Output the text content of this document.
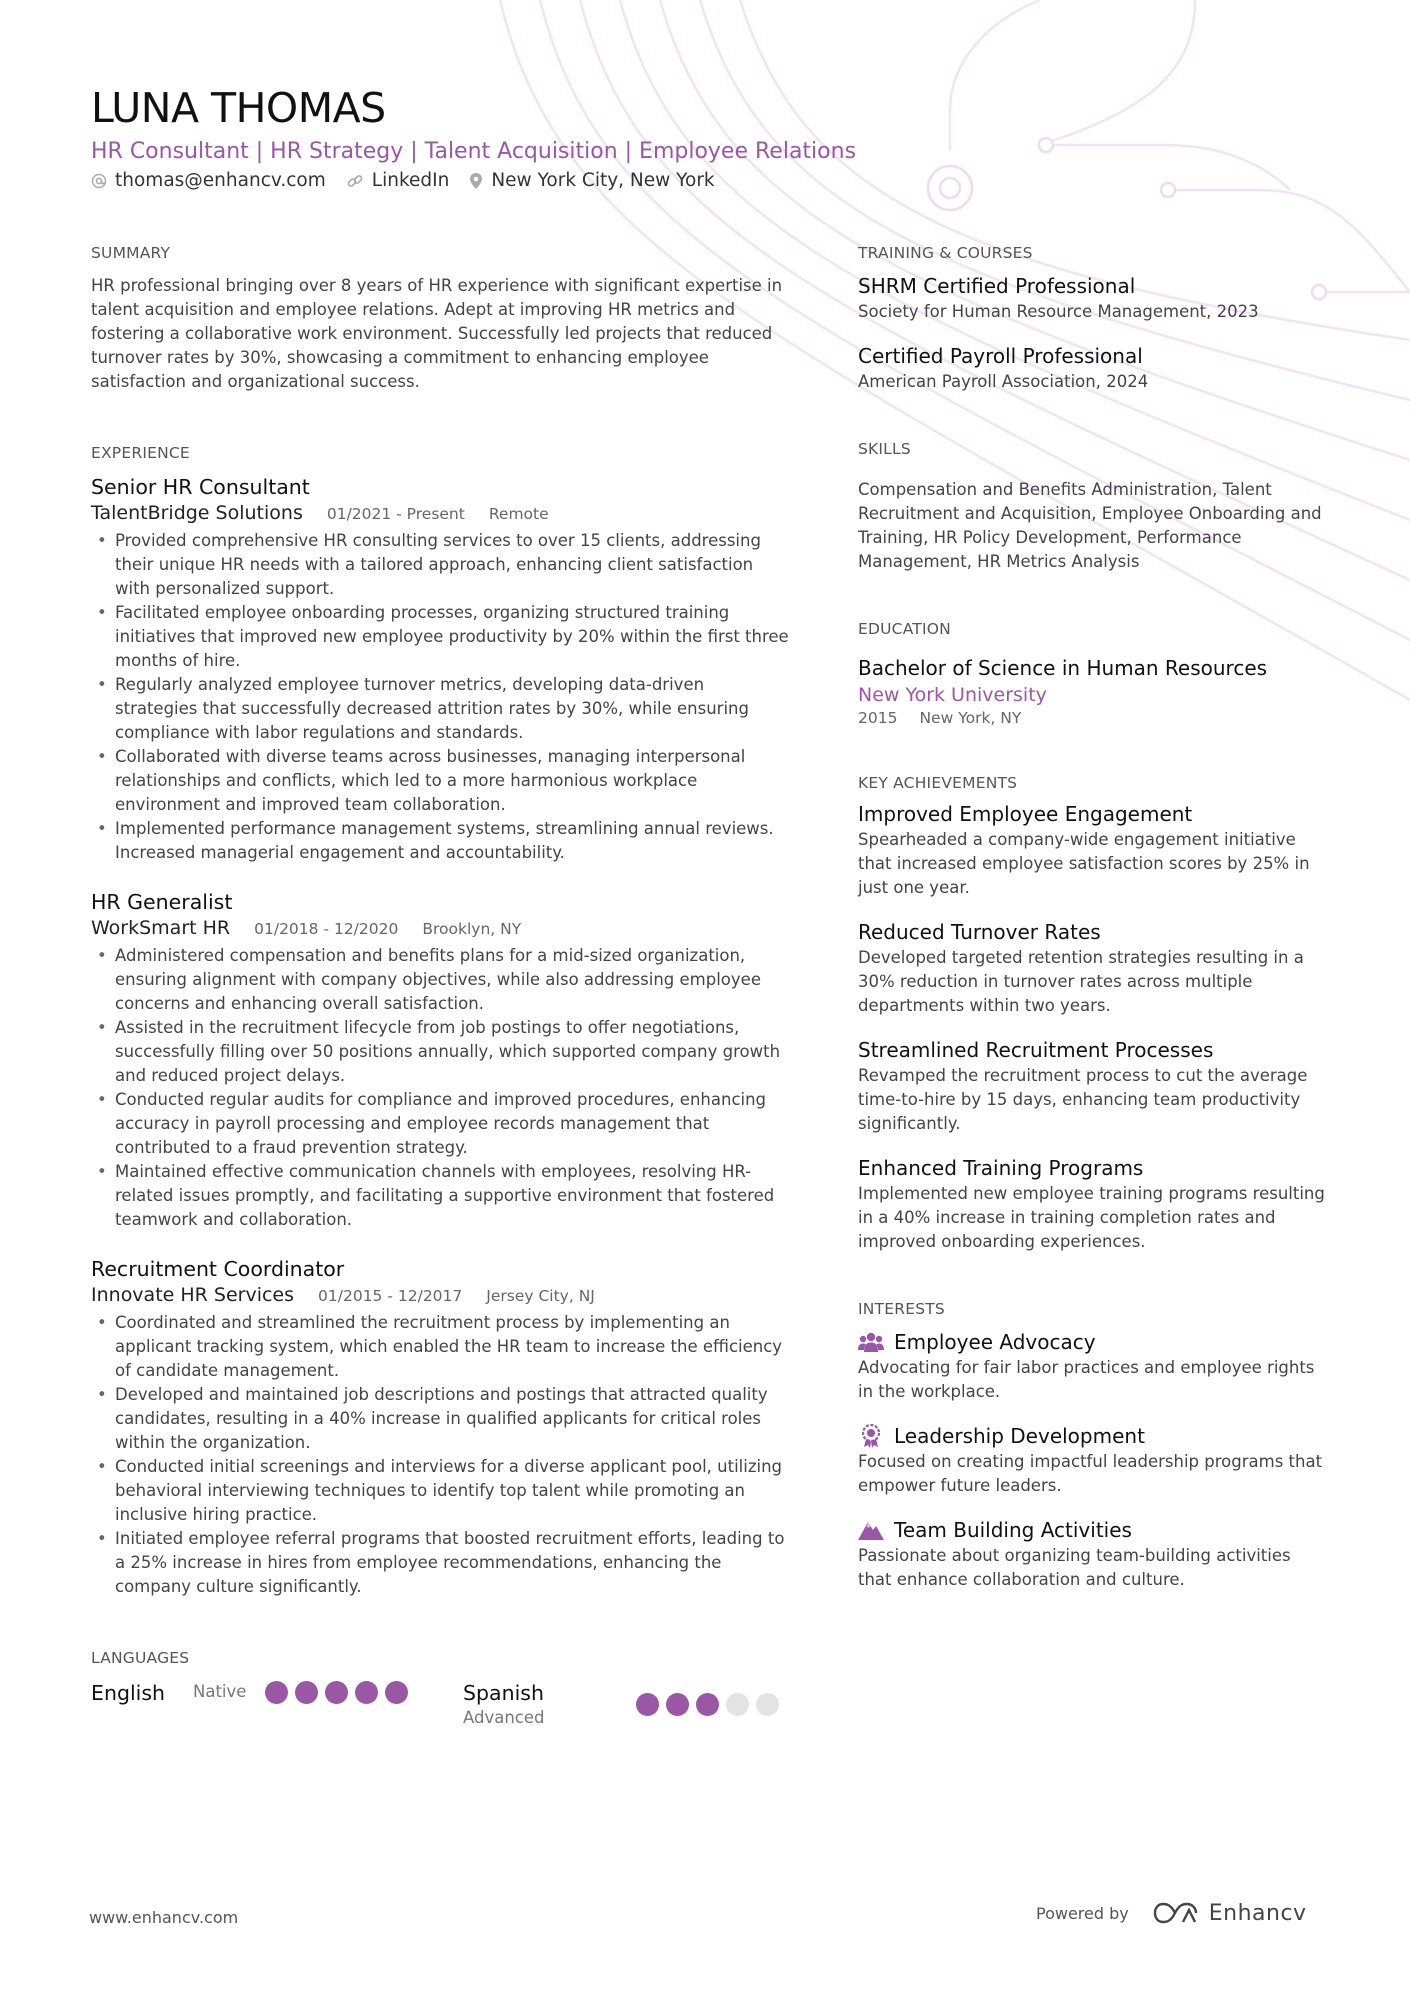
LUNA THOMAS
HR Consultant | HR Strategy | Talent Acquisition | Employee Relations
thomas@enhancv.com LinkedIn New York City, New York
SUMMARY
HR professional bringing over 8 years of HR experience with significant expertise in talent acquisition and employee relations. Adept at improving HR metrics and fostering a collaborative work environment. Successfully led projects that reduced turnover rates by 30%, showcasing a commitment to enhancing employee satisfaction and organizational success.
EXPERIENCE
Senior HR Consultant
TalentBridge Solutions 01/2021 - Present Remote
• Provided comprehensive HR consulting services to over 15 clients, addressing their unique HR needs with a tailored approach, enhancing client satisfaction with personalized support.
• Facilitated employee onboarding processes, organizing structured training initiatives that improved new employee productivity by 20% within the first three months of hire.
• Regularly analyzed employee turnover metrics, developing data-driven strategies that successfully decreased attrition rates by 30%, while ensuring compliance with labor regulations and standards.
• Collaborated with diverse teams across businesses, managing interpersonal relationships and conflicts, which led to a more harmonious workplace environment and improved team collaboration.
• Implemented performance management systems, streamlining annual reviews. Increased managerial engagement and accountability.
HR Generalist
WorkSmart HR 01/2018 - 12/2020 Brooklyn, NY
• Administered compensation and benefits plans for a mid-sized organization, ensuring alignment with company objectives, while also addressing employee concerns and enhancing overall satisfaction.
• Assisted in the recruitment lifecycle from job postings to offer negotiations, successfully filling over 50 positions annually, which supported company growth and reduced project delays.
• Conducted regular audits for compliance and improved procedures, enhancing accuracy in payroll processing and employee records management that contributed to a fraud prevention strategy.
• Maintained effective communication channels with employees, resolving HR-related issues promptly, and facilitating a supportive environment that fostered teamwork and collaboration.
Recruitment Coordinator
Innovate HR Services 01/2015 - 12/2017 Jersey City, NJ
• Coordinated and streamlined the recruitment process by implementing an applicant tracking system, which enabled the HR team to increase the efficiency of candidate management.
• Developed and maintained job descriptions and postings that attracted quality candidates, resulting in a 40% increase in qualified applicants for critical roles within the organization.
• Conducted initial screenings and interviews for a diverse applicant pool, utilizing behavioral interviewing techniques to identify top talent while promoting an inclusive hiring practice.
• Initiated employee referral programs that boosted recruitment efforts, leading to a 25% increase in hires from employee recommendations, enhancing the company culture significantly.
LANGUAGES
English Native	Spanish
Advanced
TRAINING & COURSES
SHRM Certified Professional
Society for Human Resource Management, 2023
Certified Payroll Professional
American Payroll Association, 2024
SKILLS
Compensation and Benefits Administration, Talent Recruitment and Acquisition, Employee Onboarding and Training, HR Policy Development, Performance Management, HR Metrics Analysis
EDUCATION
Bachelor of Science in Human Resources
New York University
2015 New York, NY
KEY ACHIEVEMENTS
Improved Employee Engagement
Spearheaded a company-wide engagement initiative that increased employee satisfaction scores by 25% in just one year.
Reduced Turnover Rates
Developed targeted retention strategies resulting in a 30% reduction in turnover rates across multiple departments within two years.
Streamlined Recruitment Processes
Revamped the recruitment process to cut the average time-to-hire by 15 days, enhancing team productivity significantly.
Enhanced Training Programs
Implemented new employee training programs resulting in a 40% increase in training completion rates and improved onboarding experiences.
INTERESTS
Employee Advocacy
Advocating for fair labor practices and employee rights in the workplace.
Leadership Development
Focused on creating impactful leadership programs that empower future leaders.
Team Building Activities
Passionate about organizing team-building activities that enhance collaboration and culture.
www.enhancv.com	Powered by	Enhancv
